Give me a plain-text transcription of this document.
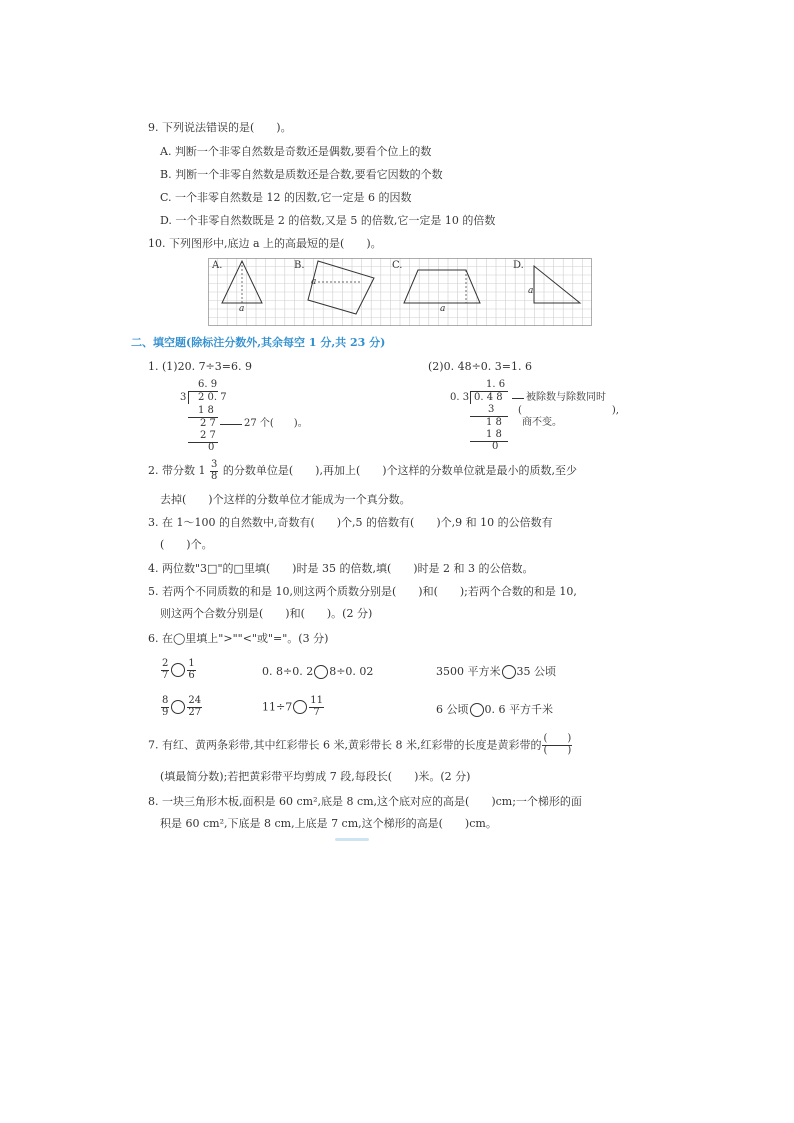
9. 下列说法错误的是(　　)。
A. 判断一个非零自然数是奇数还是偶数,要看个位上的数
B. 判断一个非零自然数是质数还是合数,要看它因数的个数
C. 一个非零自然数是 12 的因数,它一定是 6 的因数
D. 一个非零自然数既是 2 的倍数,又是 5 的倍数,它一定是 10 的倍数
10. 下列图形中,底边 a 上的高最短的是(　　)。
A.	B.	C.	D.
a
a
a
a
二、填空题(除标注分数外,其余每空 1 分,共 23 分)
1. (1)20. 7÷3=6. 9	(2)0. 48÷0. 3=1. 6
6. 9
3 2 0. 7
1 8
2 7	27 个(　　)。
2 7
0
1. 6
0. 3 0. 4 8 被除数与除数同时
3 (　　　　　　　　　),
1 8 商不变。
1 8
0
2. 带分数 $1 \frac{3}{8}$ 的分数单位是(　　),再加上(　　)个这样的分数单位就是最小的质数,至少
去掉(　　)个这样的分数单位才能成为一个真分数。
3. 在 1～100 的自然数中,奇数有(　　)个,5 的倍数有(　　)个,9 和 10 的公倍数有
(　　)个。
4. 两位数"3□"的□里填(　　)时是 35 的倍数,填(　　)时是 2 和 3 的公倍数。
5. 若两个不同质数的和是 10,则这两个质数分别是(　　)和(　　);若两个合数的和是 10,
则这两个合数分别是(　　)和(　　)。(2 分)
6. 在◯里填上">""<"或"="。(3 分)
$\frac{2}{7} \frac{1}{6}$	0. 8÷0. 2 8÷0. 02	3500 平方米 35 公顷
$\frac{8}{9} \frac{24}{27}$	$11\div 7 \frac{11}{7}$	6 公顷 0. 6 平方千米
7. 有红、黄两条彩带,其中红彩带长 6 米,黄彩带长 8 米,红彩带的长度是黄彩带的 $\frac{( )}{( )}$
(填最简分数);若把黄彩带平均剪成 7 段,每段长(　　)米。(2 分)
8. 一块三角形木板,面积是 60 cm²,底是 8 cm,这个底对应的高是(　　)cm;一个梯形的面
积是 60 cm²,下底是 8 cm,上底是 7 cm,这个梯形的高是(　　)cm。
